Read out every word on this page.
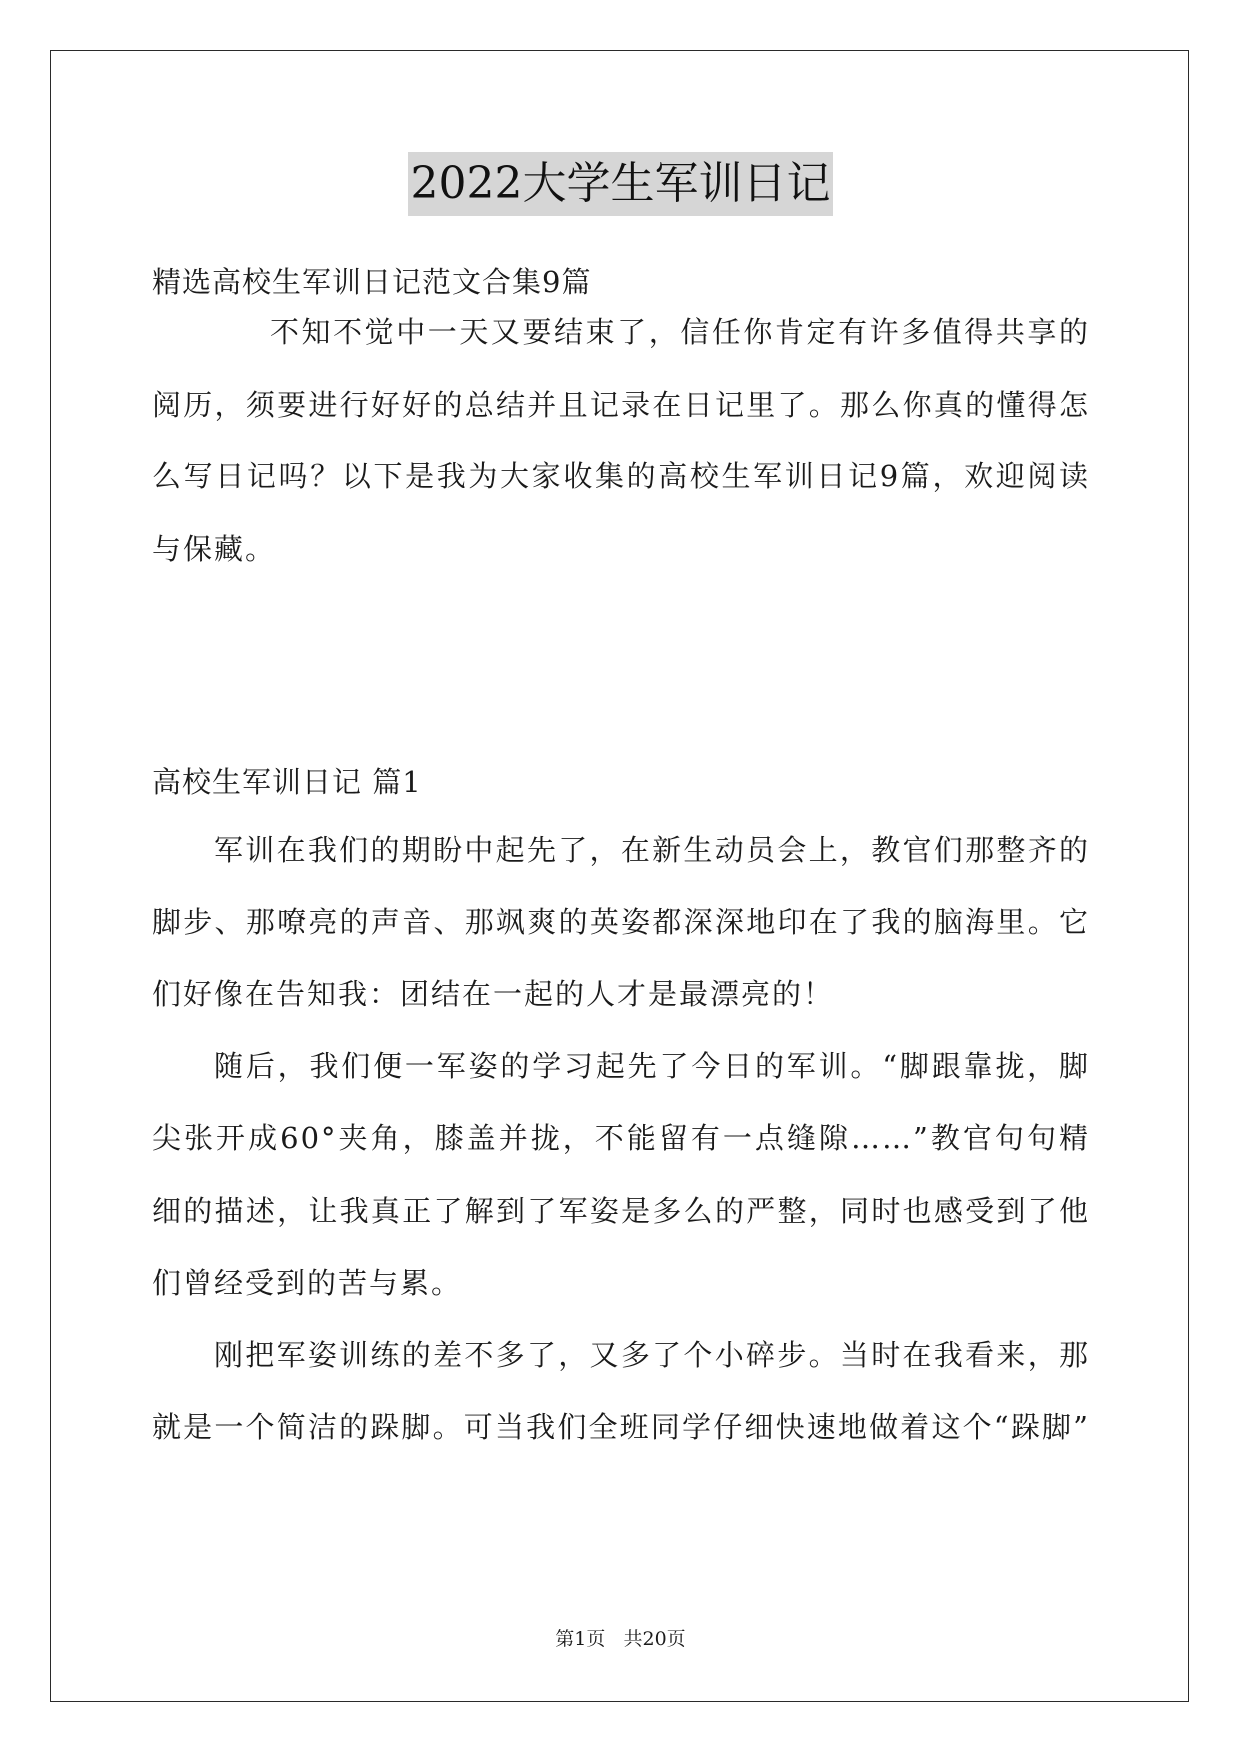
2022大学生军训日记
精选高校生军训日记范文合集9篇
不知不觉中一天又要结束了，信任你肯定有许多值得共享的
阅历，须要进行好好的总结并且记录在日记里了。那么你真的懂得怎
么写日记吗？以下是我为大家收集的高校生军训日记9篇，欢迎阅读
与保藏。
高校生军训日记 篇1
军训在我们的期盼中起先了，在新生动员会上，教官们那整齐的
脚步、那嘹亮的声音、那飒爽的英姿都深深地印在了我的脑海里。它
们好像在告知我：团结在一起的人才是最漂亮的！
随后，我们便一军姿的学习起先了今日的军训。“脚跟靠拢，脚
尖张开成60°夹角，膝盖并拢，不能留有一点缝隙……”教官句句精
细的描述，让我真正了解到了军姿是多么的严整，同时也感受到了他
们曾经受到的苦与累。
刚把军姿训练的差不多了，又多了个小碎步。当时在我看来，那
就是一个简洁的跺脚。可当我们全班同学仔细快速地做着这个“跺脚”
第1页   共20页
